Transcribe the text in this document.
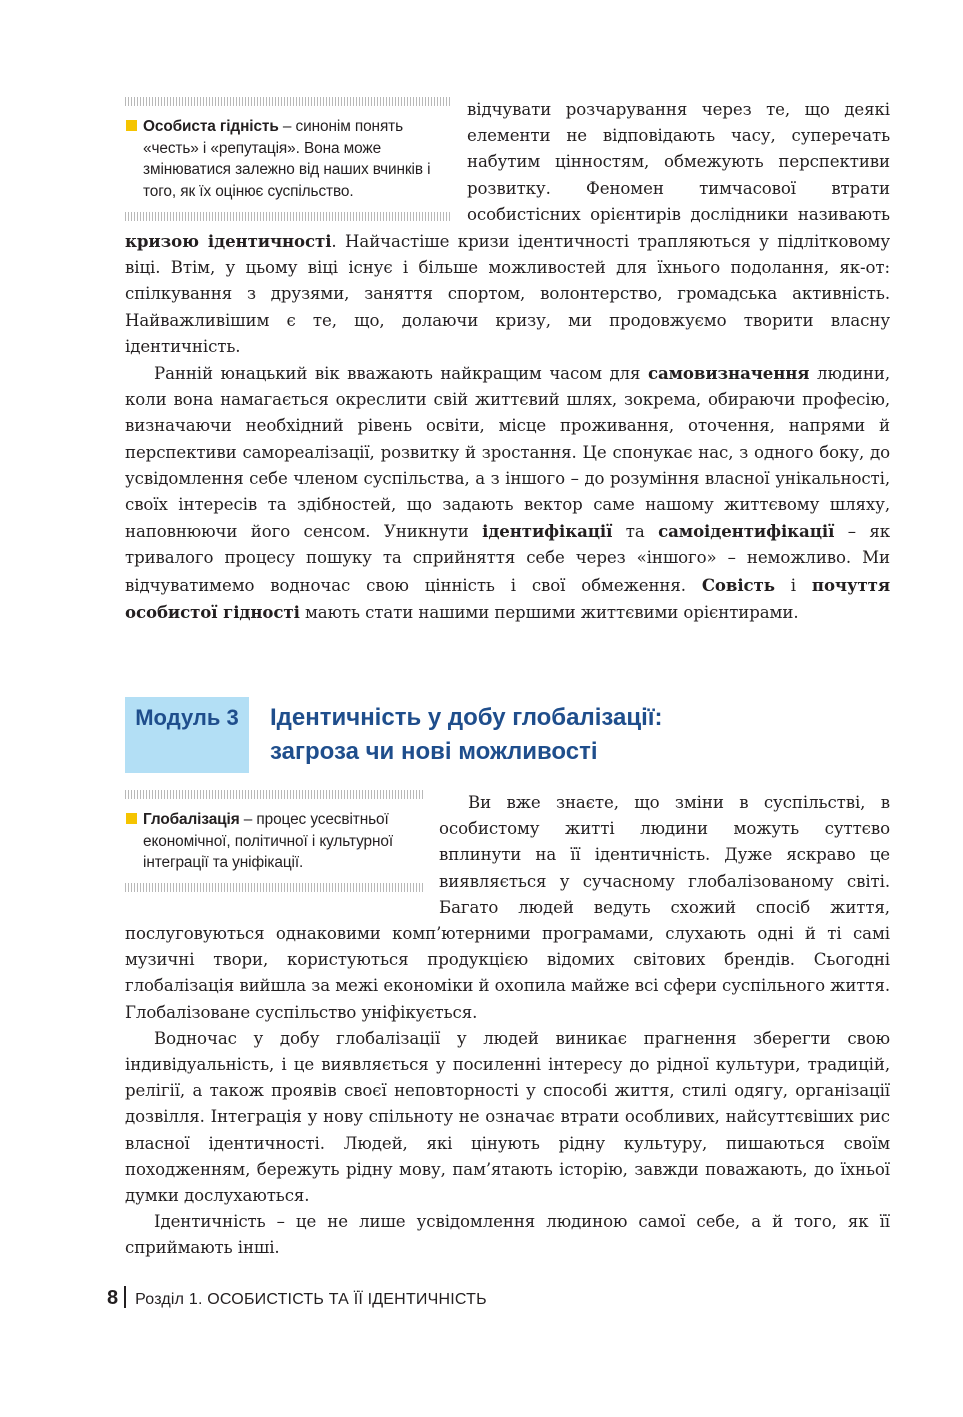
Особиста гідність – синонім понять «честь» і «репутація». Вона може змінюватися залежно від наших вчинків і того, як їх оцінює суспільство.

відчувати розчарування через те, що деякі елементи не відповідають часу, суперечать набутим цінностям, обмежують перспективи розвитку. Феномен тимчасової втрати особистісних орієнтирів дослідники називають кризою ідентичності. Найчастіше кризи ідентичності трапляються у підлітковому віці. Втім, у цьому віці існує і більше можливостей для їхнього подолання, як-от: спілкування з друзями, заняття спортом, волонтерство, громадська активність. Найважливішим є те, що, долаючи кризу, ми продовжуємо творити власну ідентичність.

Ранній юнацький вік вважають найкращим часом для самовизначення людини, коли вона намагається окреслити свій життєвий шлях, зокрема, обираючи професію, визначаючи необхідний рівень освіти, місце проживання, оточення, напрями й перспективи самореалізації, розвитку й зростання. Це спонукає нас, з одного боку, до усвідомлення себе членом суспільства, а з іншого – до розуміння власної унікальності, своїх інтересів та здібностей, що задають вектор саме нашому життєвому шляху, наповнюючи його сенсом. Уникнути ідентифікації та самоідентифікації – як тривалого процесу пошуку та сприйняття себе через «іншого» – неможливо. Ми відчуватимемо водночас свою цінність і свої обмеження. Совість і почуття особистої гідності мають стати нашими першими життєвими орієнтирами.

Модуль 3	Ідентичність у добу глобалізації:
загроза чи нові можливості
Глобалізація – процес усесвітньої економічної, політичної і культурної інтеграції та уніфікації.

Ви вже знаєте, що зміни в суспільстві, в особистому житті людини можуть суттєво вплинути на її ідентичність. Дуже яскраво це виявляється у сучасному глобалізованому світі. Багато людей ведуть схожий спосіб життя, послуговуються однаковими комп’ютерними програмами, слухають одні й ті самі музичні твори, користуються продукцією відомих світових брендів. Сьогодні глобалізація вийшла за межі економіки й охопила майже всі сфери суспільного життя. Глобалізоване суспільство уніфікується.

Водночас у добу глобалізації у людей виникає прагнення зберегти свою індивідуальність, і це виявляється у посиленні інтересу до рідної культури, традицій, релігії, а також проявів своєї неповторності у способі життя, стилі одягу, організації дозвілля. Інтеграція у нову спільноту не означає втрати особливих, найсуттєвіших рис власної ідентичності. Людей, які цінують рідну культуру, пишаються своїм походженням, бережуть рідну мову, пам’ятають історію, завжди поважають, до їхньої думки дослухаються.

Ідентичність – це не лише усвідомлення людиною самої себе, а й того, як її сприймають інші.

8 Розділ 1. ОСОБИСТІСТЬ ТА ЇЇ ІДЕНТИЧНІСТЬ
